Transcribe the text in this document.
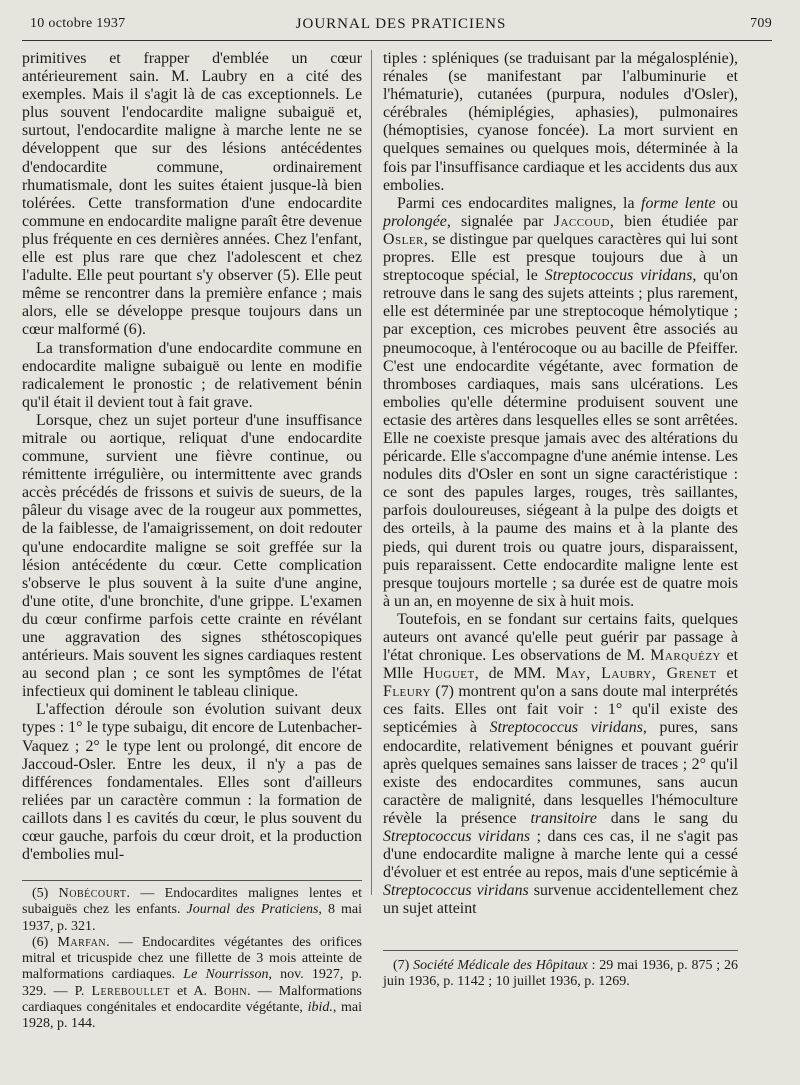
10 octobre 1937	JOURNAL DES PRATICIENS	709

primitives et frapper d'emblée un cœur antérieurement sain. M. Laubry en a cité des exemples. Mais il s'agit là de cas exceptionnels. Le plus souvent l'endocardite maligne subaiguë et, surtout, l'endocardite maligne à marche lente ne se développent que sur des lésions antécédentes d'endocardite commune, ordinairement rhumatismale, dont les suites étaient jusque-là bien tolérées. Cette transformation d'une endocardite commune en endocardite maligne paraît être devenue plus fréquente en ces dernières années. Chez l'enfant, elle est plus rare que chez l'adolescent et chez l'adulte. Elle peut pourtant s'y observer (5). Elle peut même se rencontrer dans la première enfance ; mais alors, elle se développe presque toujours dans un cœur malformé (6).

La transformation d'une endocardite commune en endocardite maligne subaiguë ou lente en modifie radicalement le pronostic ; de relativement bénin qu'il était il devient tout à fait grave.

Lorsque, chez un sujet porteur d'une insuffisance mitrale ou aortique, reliquat d'une endocardite commune, survient une fièvre continue, ou rémittente irrégulière, ou intermittente avec grands accès précédés de frissons et suivis de sueurs, de la pâleur du visage avec de la rougeur aux pommettes, de la faiblesse, de l'amaigrissement, on doit redouter qu'une endocardite maligne se soit greffée sur la lésion antécédente du cœur. Cette complication s'observe le plus souvent à la suite d'une angine, d'une otite, d'une bronchite, d'une grippe. L'examen du cœur confirme parfois cette crainte en révélant une aggravation des signes sthétoscopiques antérieurs. Mais souvent les signes cardiaques restent au second plan ; ce sont les symptômes de l'état infectieux qui dominent le tableau clinique.

L'affection déroule son évolution suivant deux types : 1° le type subaigu, dit encore de Lutenbacher-Vaquez ; 2° le type lent ou prolongé, dit encore de Jaccoud-Osler. Entre les deux, il n'y a pas de différences fondamentales. Elles sont d'ailleurs reliées par un caractère commun : la formation de caillots dans l es cavités du cœur, le plus souvent du cœur gauche, parfois du cœur droit, et la production d'embolies mul-

tiples : spléniques (se traduisant par la mégalosplénie), rénales (se manifestant par l'albuminurie et l'hématurie), cutanées (purpura, nodules d'Osler), cérébrales (hémiplégies, aphasies), pulmonaires (hémoptisies, cyanose foncée). La mort survient en quelques semaines ou quelques mois, déterminée à la fois par l'insuffisance cardiaque et les accidents dus aux embolies.

Parmi ces endocardites malignes, la forme lente ou prolongée, signalée par Jaccoud, bien étudiée par Osler, se distingue par quelques caractères qui lui sont propres. Elle est presque toujours due à un streptocoque spécial, le Streptococcus viridans, qu'on retrouve dans le sang des sujets atteints ; plus rarement, elle est déterminée par une streptocoque hémolytique ; par exception, ces microbes peuvent être associés au pneumocoque, à l'entérocoque ou au bacille de Pfeiffer. C'est une endocardite végétante, avec formation de thromboses cardiaques, mais sans ulcérations. Les embolies qu'elle détermine produisent souvent une ectasie des artères dans lesquelles elles se sont arrêtées. Elle ne coexiste presque jamais avec des altérations du péricarde. Elle s'accompagne d'une anémie intense. Les nodules dits d'Osler en sont un signe caractéristique : ce sont des papules larges, rouges, très saillantes, parfois douloureuses, siégeant à la pulpe des doigts et des orteils, à la paume des mains et à la plante des pieds, qui durent trois ou quatre jours, disparaissent, puis reparaissent. Cette endocardite maligne lente est presque toujours mortelle ; sa durée est de quatre mois à un an, en moyenne de six à huit mois.

Toutefois, en se fondant sur certains faits, quelques auteurs ont avancé qu'elle peut guérir par passage à l'état chronique. Les observations de M. Marquézy et Mlle Huguet, de MM. May, Laubry, Grenet et Fleury (7) montrent qu'on a sans doute mal interprétés ces faits. Elles ont fait voir : 1° qu'il existe des septicémies à Streptococcus viridans, pures, sans endocardite, relativement bénignes et pouvant guérir après quelques semaines sans laisser de traces ; 2° qu'il existe des endocardites communes, sans aucun caractère de malignité, dans lesquelles l'hémoculture révèle la présence transitoire dans le sang du Streptococcus viridans ; dans ces cas, il ne s'agit pas d'une endocardite maligne à marche lente qui a cessé d'évoluer et est entrée au repos, mais d'une septicémie à Streptococcus viridans survenue accidentellement chez un sujet atteint

(5) Nobécourt. — Endocardites malignes lentes et subaiguës chez les enfants. Journal des Praticiens, 8 mai 1937, p. 321.

(6) Marfan. — Endocardites végétantes des orifices mitral et tricuspide chez une fillette de 3 mois atteinte de malformations cardiaques. Le Nourrisson, nov. 1927, p. 329. — P. Lereboullet et A. Bohn. — Malformations cardiaques congénitales et endocardite végétante, ibid., mai 1928, p. 144.

(7) Société Médicale des Hôpitaux : 29 mai 1936, p. 875 ; 26 juin 1936, p. 1142 ; 10 juillet 1936, p. 1269.
